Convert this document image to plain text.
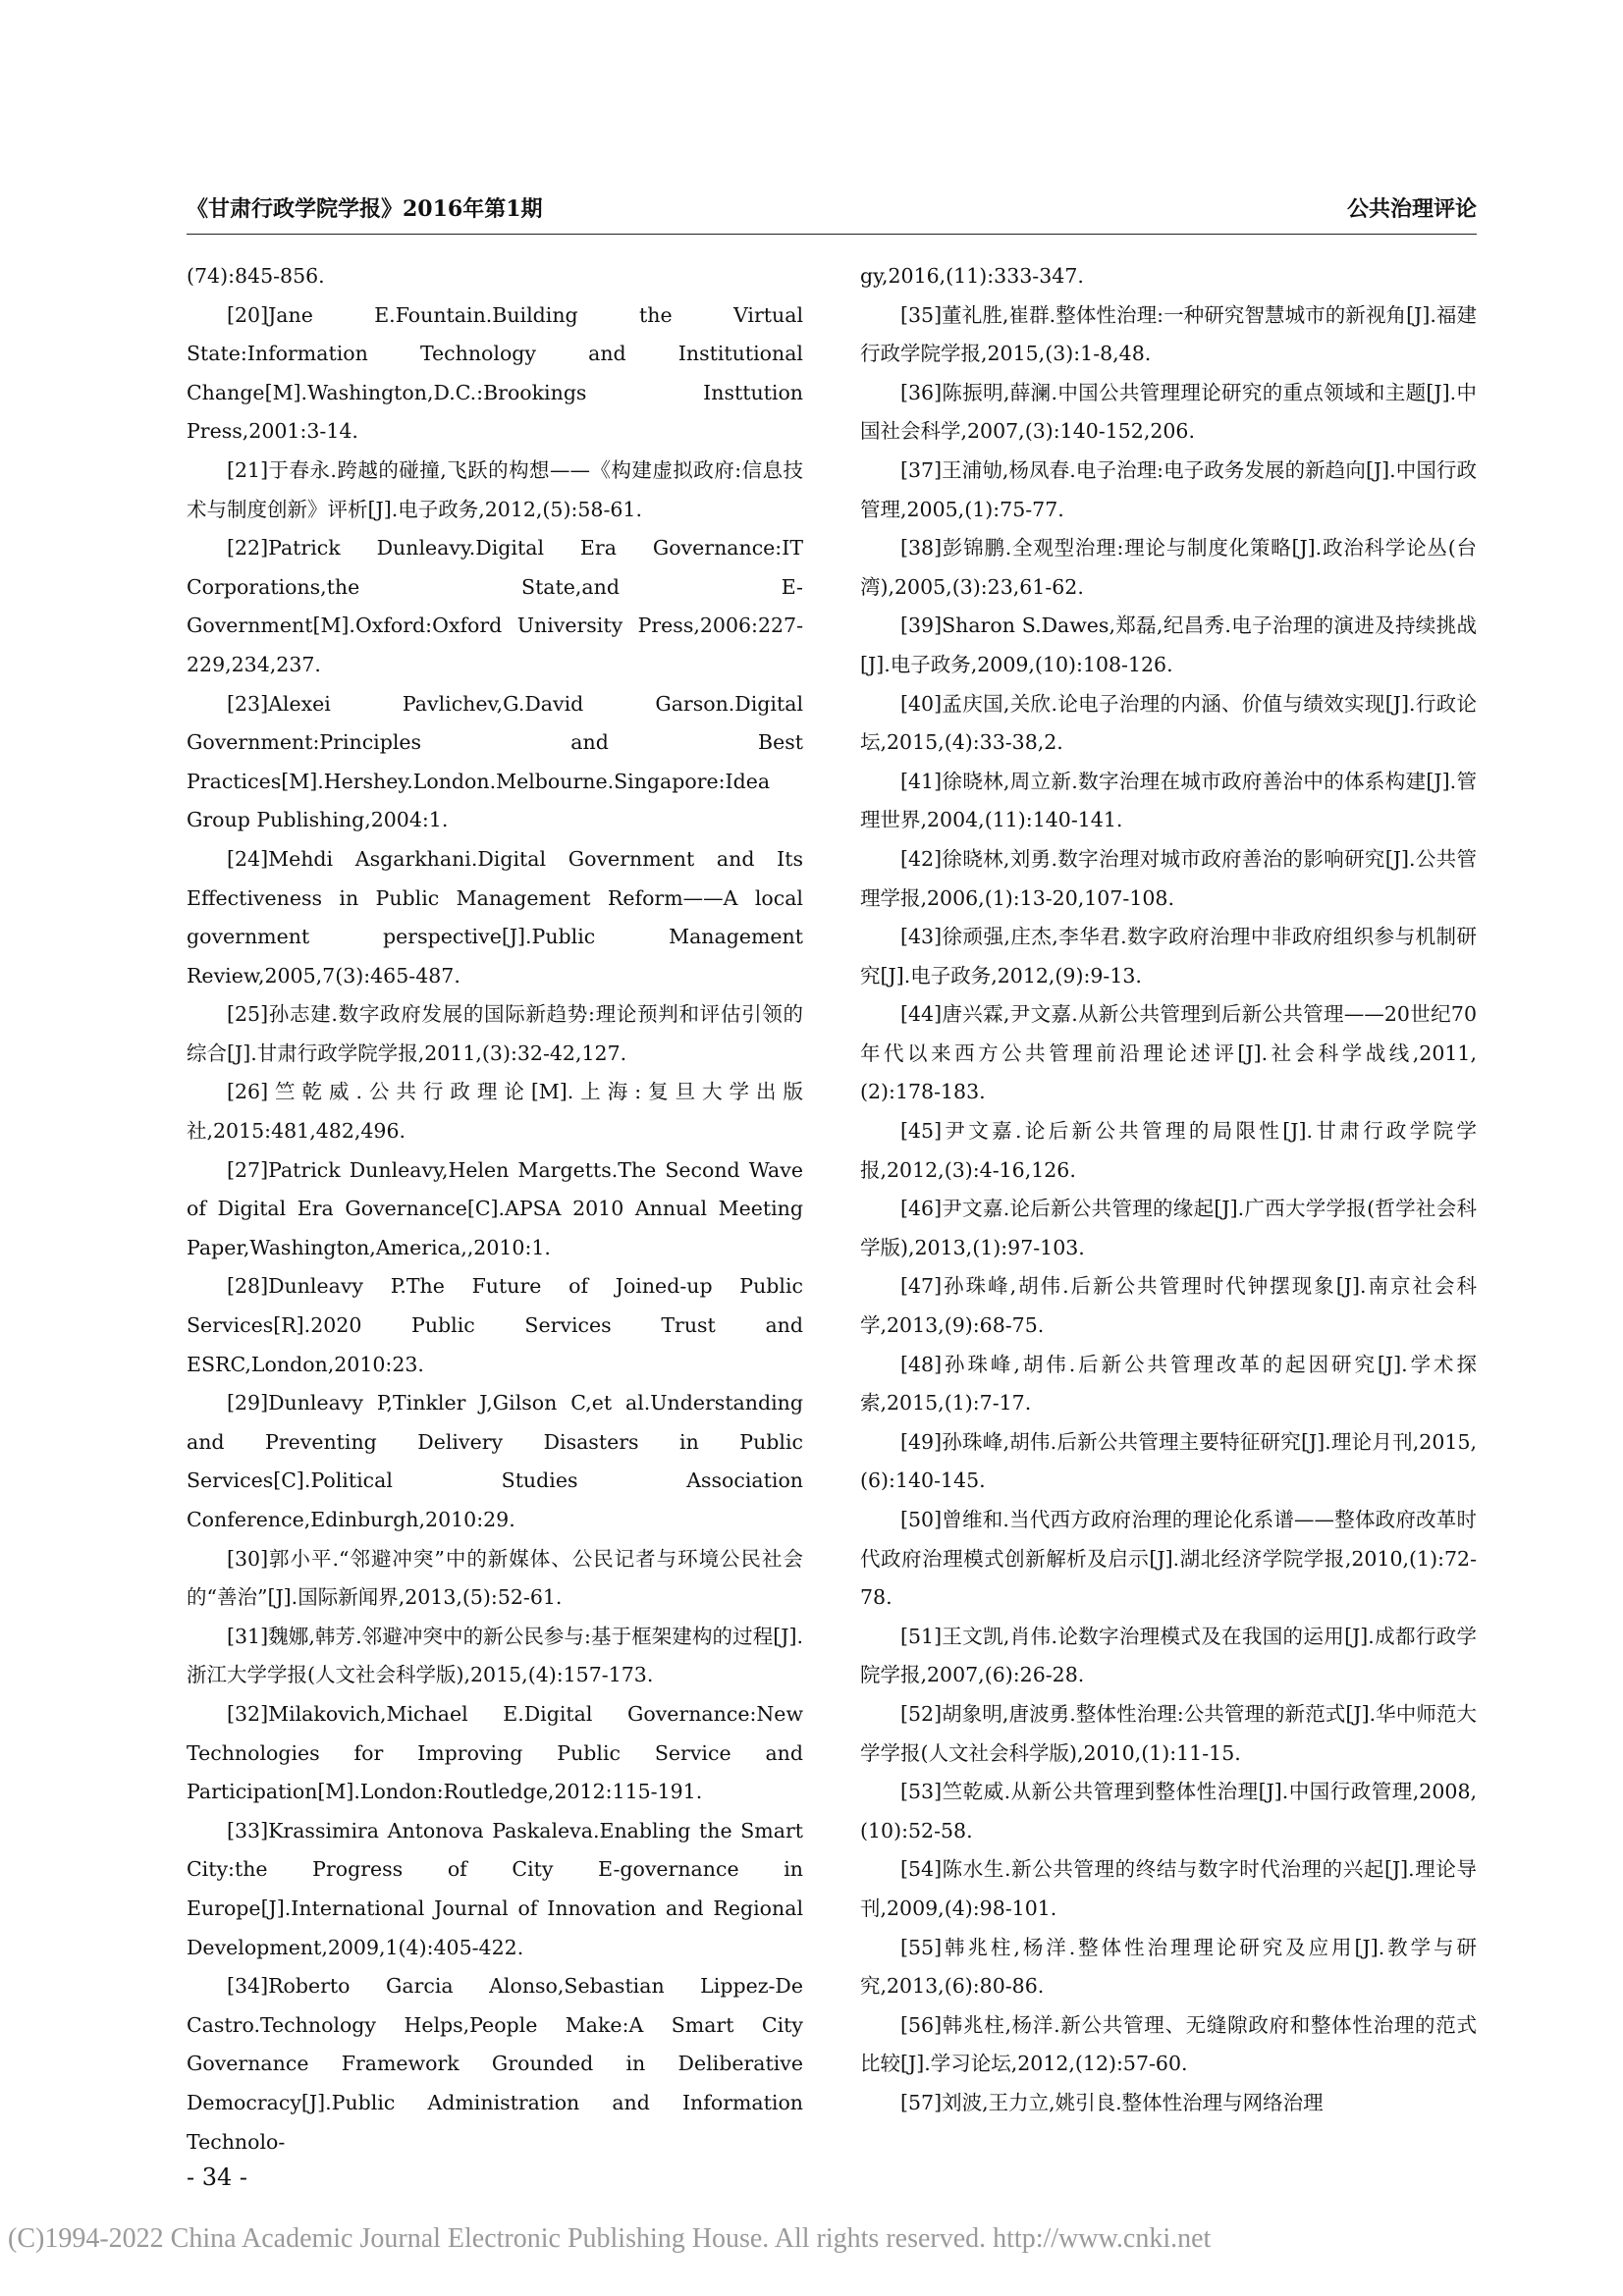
《甘肃行政学院学报》2016年第1期	公共治理评论

(74):845-856.

[20]Jane E.Fountain.Building the Virtual State:Information Technology and Institutional Change[M].Washington,D.C.:Brookings Insttution Press,2001:3-14.

[21]于春永.跨越的碰撞,飞跃的构想——《构建虚拟政府:信息技术与制度创新》评析[J].电子政务,2012,(5):58-61.

[22]Patrick Dunleavy.Digital Era Governance:IT Corporations,the State,and E-Government[M].Oxford:Oxford University Press,2006:227-229,234,237.

[23]Alexei Pavlichev,G.David Garson.Digital Government:Principles and Best Practices[M].Hershey.London.Melbourne.Singapore:Idea Group Publishing,2004:1.

[24]Mehdi Asgarkhani.Digital Government and Its Effectiveness in Public Management Reform——A local government perspective[J].Public Management Review,2005,7(3):465-487.

[25]孙志建.数字政府发展的国际新趋势:理论预判和评估引领的综合[J].甘肃行政学院学报,2011,(3):32-42,127.

[26]竺乾威.公共行政理论[M].上海:复旦大学出版社,2015:481,482,496.

[27]Patrick Dunleavy,Helen Margetts.The Second Wave of Digital Era Governance[C].APSA 2010 Annual Meeting Paper,Washington,America,,2010:1.

[28]Dunleavy P.The Future of Joined-up Public Services[R].2020 Public Services Trust and ESRC,London,2010:23.

[29]Dunleavy P,Tinkler J,Gilson C,et al.Understanding and Preventing Delivery Disasters in Public Services[C].Political Studies Association Conference,Edinburgh,2010:29.

[30]郭小平.“邻避冲突”中的新媒体、公民记者与环境公民社会的“善治”[J].国际新闻界,2013,(5):52-61.

[31]魏娜,韩芳.邻避冲突中的新公民参与:基于框架建构的过程[J].浙江大学学报(人文社会科学版),2015,(4):157-173.

[32]Milakovich,Michael E.Digital Governance:New Technologies for Improving Public Service and Participation[M].London:Routledge,2012:115-191.

[33]Krassimira Antonova Paskaleva.Enabling the Smart City:the Progress of City E-governance in Europe[J].International Journal of Innovation and Regional Development,2009,1(4):405-422.

[34]Roberto Garcia Alonso,Sebastian Lippez-De Castro.Technology Helps,People Make:A Smart City Governance Framework Grounded in Deliberative Democracy[J].Public Administration and Information Technolo-

gy,2016,(11):333-347.

[35]董礼胜,崔群.整体性治理:一种研究智慧城市的新视角[J].福建行政学院学报,2015,(3):1-8,48.

[36]陈振明,薛澜.中国公共管理理论研究的重点领域和主题[J].中国社会科学,2007,(3):140-152,206.

[37]王浦劬,杨凤春.电子治理:电子政务发展的新趋向[J].中国行政管理,2005,(1):75-77.

[38]彭锦鹏.全观型治理:理论与制度化策略[J].政治科学论丛(台湾),2005,(3):23,61-62.

[39]Sharon S.Dawes,郑磊,纪昌秀.电子治理的演进及持续挑战[J].电子政务,2009,(10):108-126.

[40]孟庆国,关欣.论电子治理的内涵、价值与绩效实现[J].行政论坛,2015,(4):33-38,2.

[41]徐晓林,周立新.数字治理在城市政府善治中的体系构建[J].管理世界,2004,(11):140-141.

[42]徐晓林,刘勇.数字治理对城市政府善治的影响研究[J].公共管理学报,2006,(1):13-20,107-108.

[43]徐顽强,庄杰,李华君.数字政府治理中非政府组织参与机制研究[J].电子政务,2012,(9):9-13.

[44]唐兴霖,尹文嘉.从新公共管理到后新公共管理——20世纪70年代以来西方公共管理前沿理论述评[J].社会科学战线,2011,(2):178-183.

[45]尹文嘉.论后新公共管理的局限性[J].甘肃行政学院学报,2012,(3):4-16,126.

[46]尹文嘉.论后新公共管理的缘起[J].广西大学学报(哲学社会科学版),2013,(1):97-103.

[47]孙珠峰,胡伟.后新公共管理时代钟摆现象[J].南京社会科学,2013,(9):68-75.

[48]孙珠峰,胡伟.后新公共管理改革的起因研究[J].学术探索,2015,(1):7-17.

[49]孙珠峰,胡伟.后新公共管理主要特征研究[J].理论月刊,2015,(6):140-145.

[50]曾维和.当代西方政府治理的理论化系谱——整体政府改革时代政府治理模式创新解析及启示[J].湖北经济学院学报,2010,(1):72-78.

[51]王文凯,肖伟.论数字治理模式及在我国的运用[J].成都行政学院学报,2007,(6):26-28.

[52]胡象明,唐波勇.整体性治理:公共管理的新范式[J].华中师范大学学报(人文社会科学版),2010,(1):11-15.

[53]竺乾威.从新公共管理到整体性治理[J].中国行政管理,2008,(10):52-58.

[54]陈水生.新公共管理的终结与数字时代治理的兴起[J].理论导刊,2009,(4):98-101.

[55]韩兆柱,杨洋.整体性治理理论研究及应用[J].教学与研究,2013,(6):80-86.

[56]韩兆柱,杨洋.新公共管理、无缝隙政府和整体性治理的范式比较[J].学习论坛,2012,(12):57-60.

[57]刘波,王力立,姚引良.整体性治理与网络治理

- 34 -
(C)1994-2022 China Academic Journal Electronic Publishing House. All rights reserved. http://www.cnki.net
